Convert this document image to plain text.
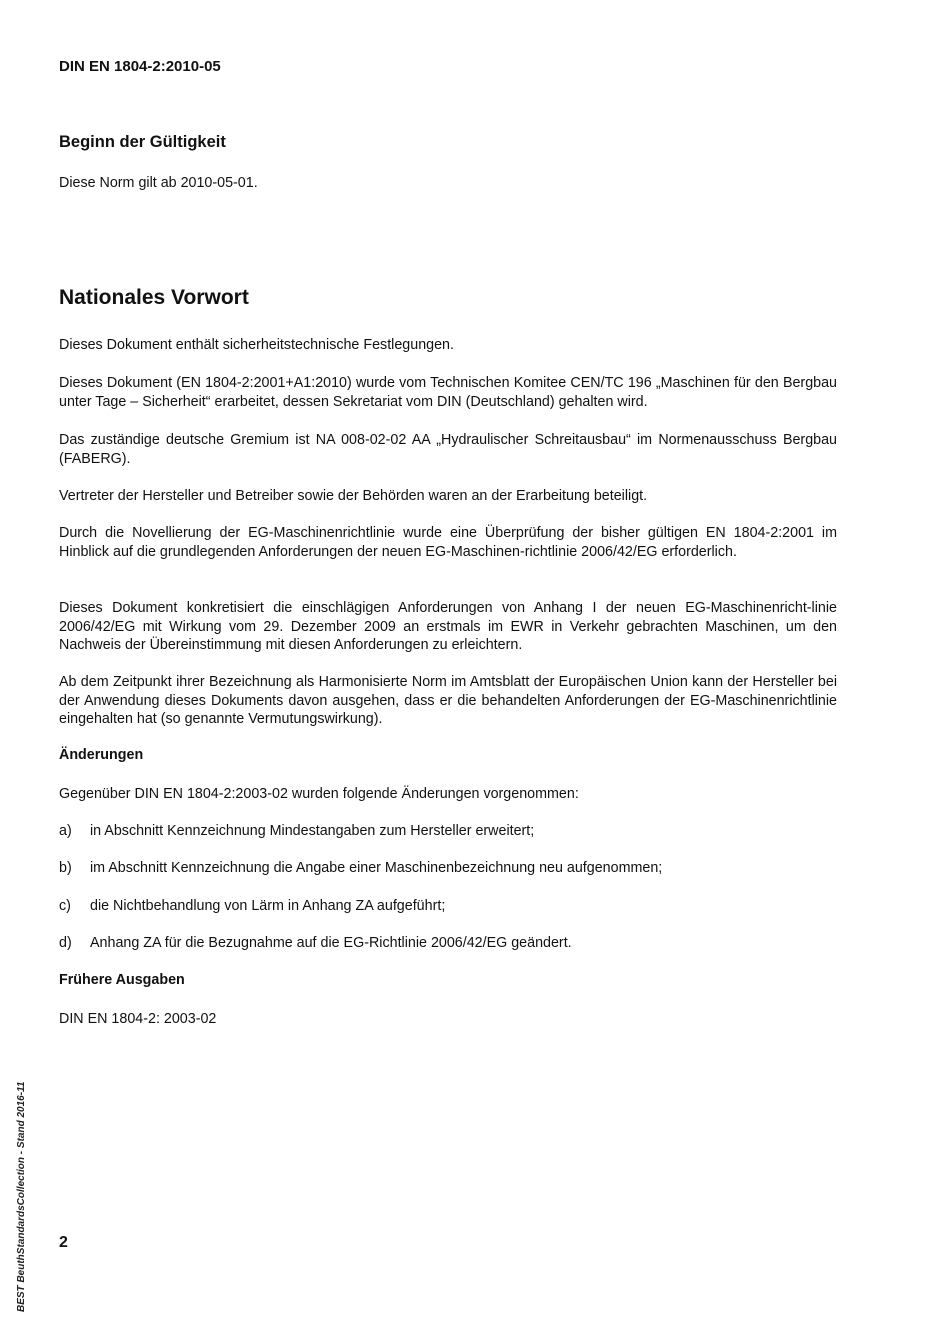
DIN EN 1804-2:2010-05
Beginn der Gültigkeit
Diese Norm gilt ab 2010-05-01.
Nationales Vorwort
Dieses Dokument enthält sicherheitstechnische Festlegungen.
Dieses Dokument (EN 1804-2:2001+A1:2010) wurde vom Technischen Komitee CEN/TC 196 „Maschinen für den Bergbau unter Tage – Sicherheit“ erarbeitet, dessen Sekretariat vom DIN (Deutschland) gehalten wird.
Das zuständige deutsche Gremium ist NA 008-02-02 AA „Hydraulischer Schreitausbau“ im Normenausschuss Bergbau (FABERG).
Vertreter der Hersteller und Betreiber sowie der Behörden waren an der Erarbeitung beteiligt.
Durch die Novellierung der EG-Maschinenrichtlinie wurde eine Überprüfung der bisher gültigen EN 1804-2:2001 im Hinblick auf die grundlegenden Anforderungen der neuen EG-Maschinen-richtlinie 2006/42/EG erforderlich.
Dieses Dokument konkretisiert die einschlägigen Anforderungen von Anhang I der neuen EG-Maschinenricht-linie 2006/42/EG mit Wirkung vom 29. Dezember 2009 an erstmals im EWR in Verkehr gebrachten Maschinen, um den Nachweis der Übereinstimmung mit diesen Anforderungen zu erleichtern.
Ab dem Zeitpunkt ihrer Bezeichnung als Harmonisierte Norm im Amtsblatt der Europäischen Union kann der Hersteller bei der Anwendung dieses Dokuments davon ausgehen, dass er die behandelten Anforderungen der EG-Maschinenrichtlinie eingehalten hat (so genannte Vermutungswirkung).
Änderungen
Gegenüber DIN EN 1804-2:2003-02 wurden folgende Änderungen vorgenommen:
a) in Abschnitt Kennzeichnung Mindestangaben zum Hersteller erweitert;
b) im Abschnitt Kennzeichnung die Angabe einer Maschinenbezeichnung neu aufgenommen;
c) die Nichtbehandlung von Lärm in Anhang ZA aufgeführt;
d) Anhang ZA für die Bezugnahme auf die EG-Richtlinie 2006/42/EG geändert.
Frühere Ausgaben
DIN EN 1804-2: 2003-02
BEST BeuthStandardsCollection - Stand 2016-11 2
